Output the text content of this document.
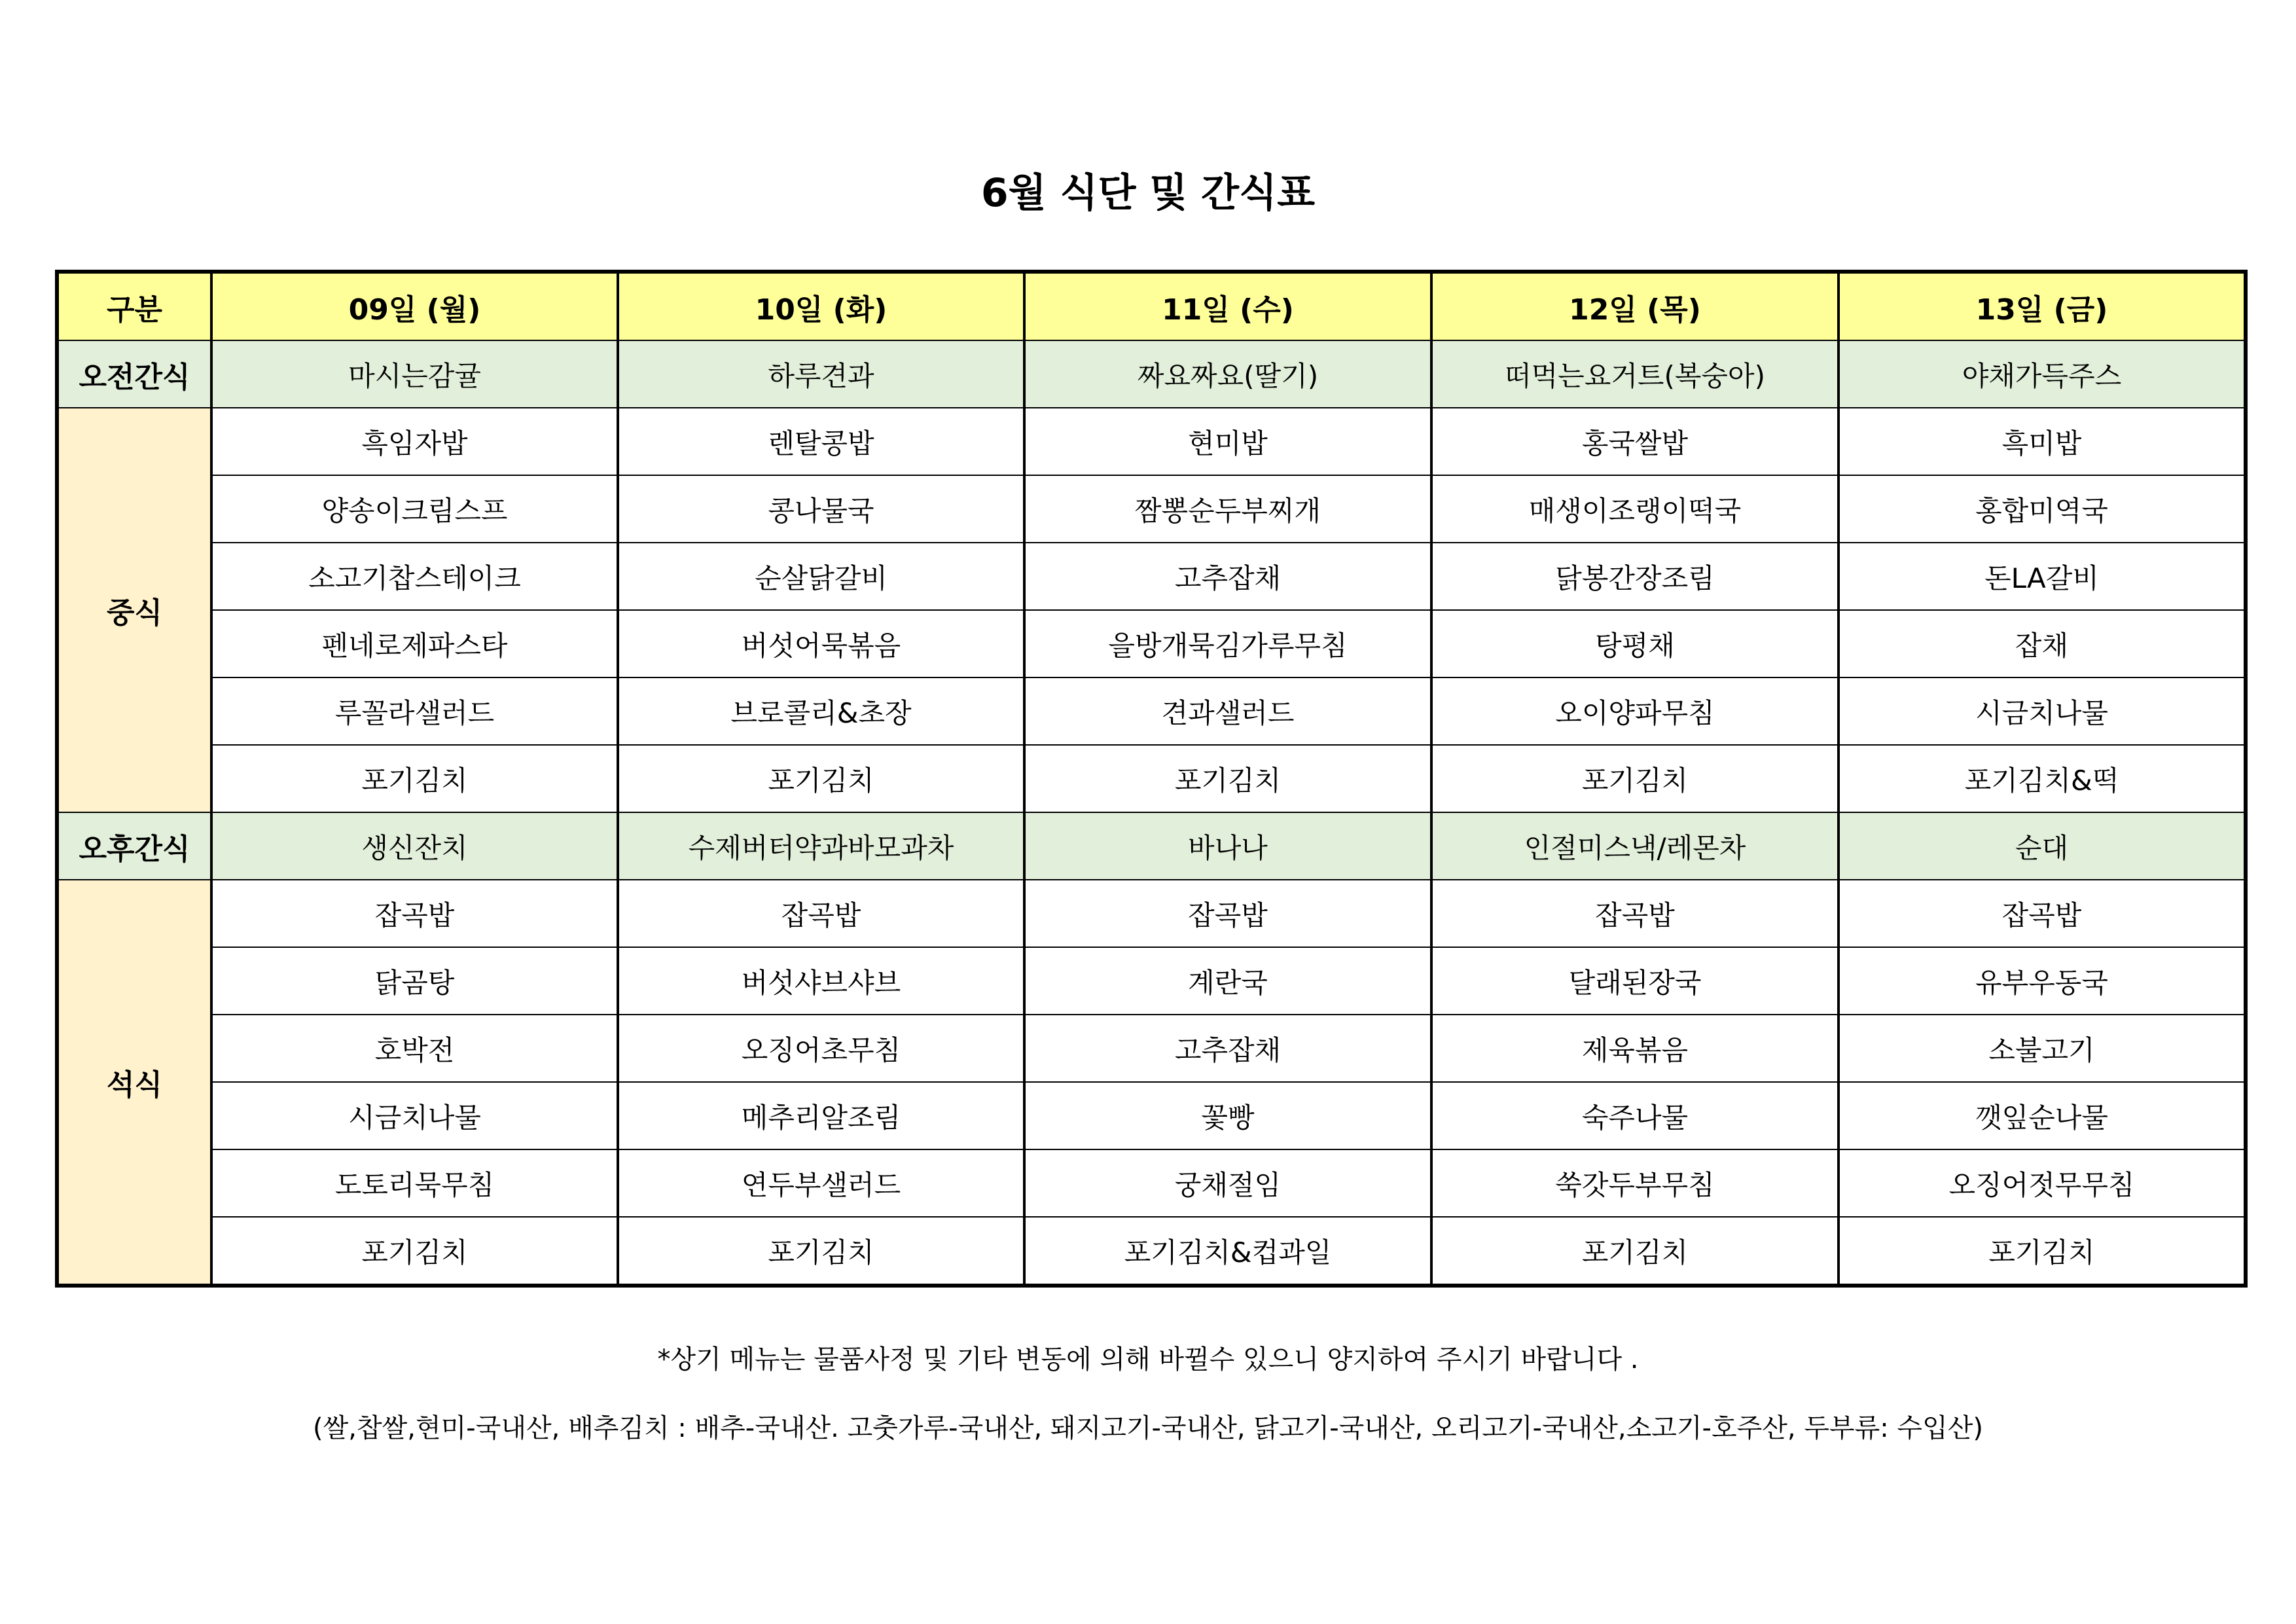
6월 식단 및 간식표
구분	09일 (월)	10일 (화)	11일 (수)	12일 (목)	13일 (금)
오전간식	마시는감귤	하루견과	짜요짜요(딸기)	떠먹는요거트(복숭아)	야채가득주스
중식	흑임자밥	렌탈콩밥	현미밥	홍국쌀밥	흑미밥
	양송이크림스프	콩나물국	짬뽕순두부찌개	매생이조랭이떡국	홍합미역국
	소고기찹스테이크	순살닭갈비	고추잡채	닭봉간장조림	돈LA갈비
	펜네로제파스타	버섯어묵볶음	을방개묵김가루무침	탕평채	잡채
	루꼴라샐러드	브로콜리&초장	견과샐러드	오이양파무침	시금치나물
	포기김치	포기김치	포기김치	포기김치	포기김치&떡
오후간식	생신잔치	수제버터약과바모과차	바나나	인절미스낵/레몬차	순대
석식	잡곡밥	잡곡밥	잡곡밥	잡곡밥	잡곡밥
	닭곰탕	버섯샤브샤브	계란국	달래된장국	유부우동국
	호박전	오징어초무침	고추잡채	제육볶음	소불고기
	시금치나물	메추리알조림	꽃빵	숙주나물	깻잎순나물
	도토리묵무침	연두부샐러드	궁채절임	쑥갓두부무침	오징어젓무무침
	포기김치	포기김치	포기김치&컵과일	포기김치	포기김치
*상기 메뉴는 물품사정 및 기타 변동에 의해 바뀔수 있으니 양지하여 주시기 바랍니다 .
(쌀,찹쌀,현미-국내산, 배추김치 : 배추-국내산. 고춧가루-국내산, 돼지고기-국내산, 닭고기-국내산, 오리고기-국내산,소고기-호주산, 두부류: 수입산)
